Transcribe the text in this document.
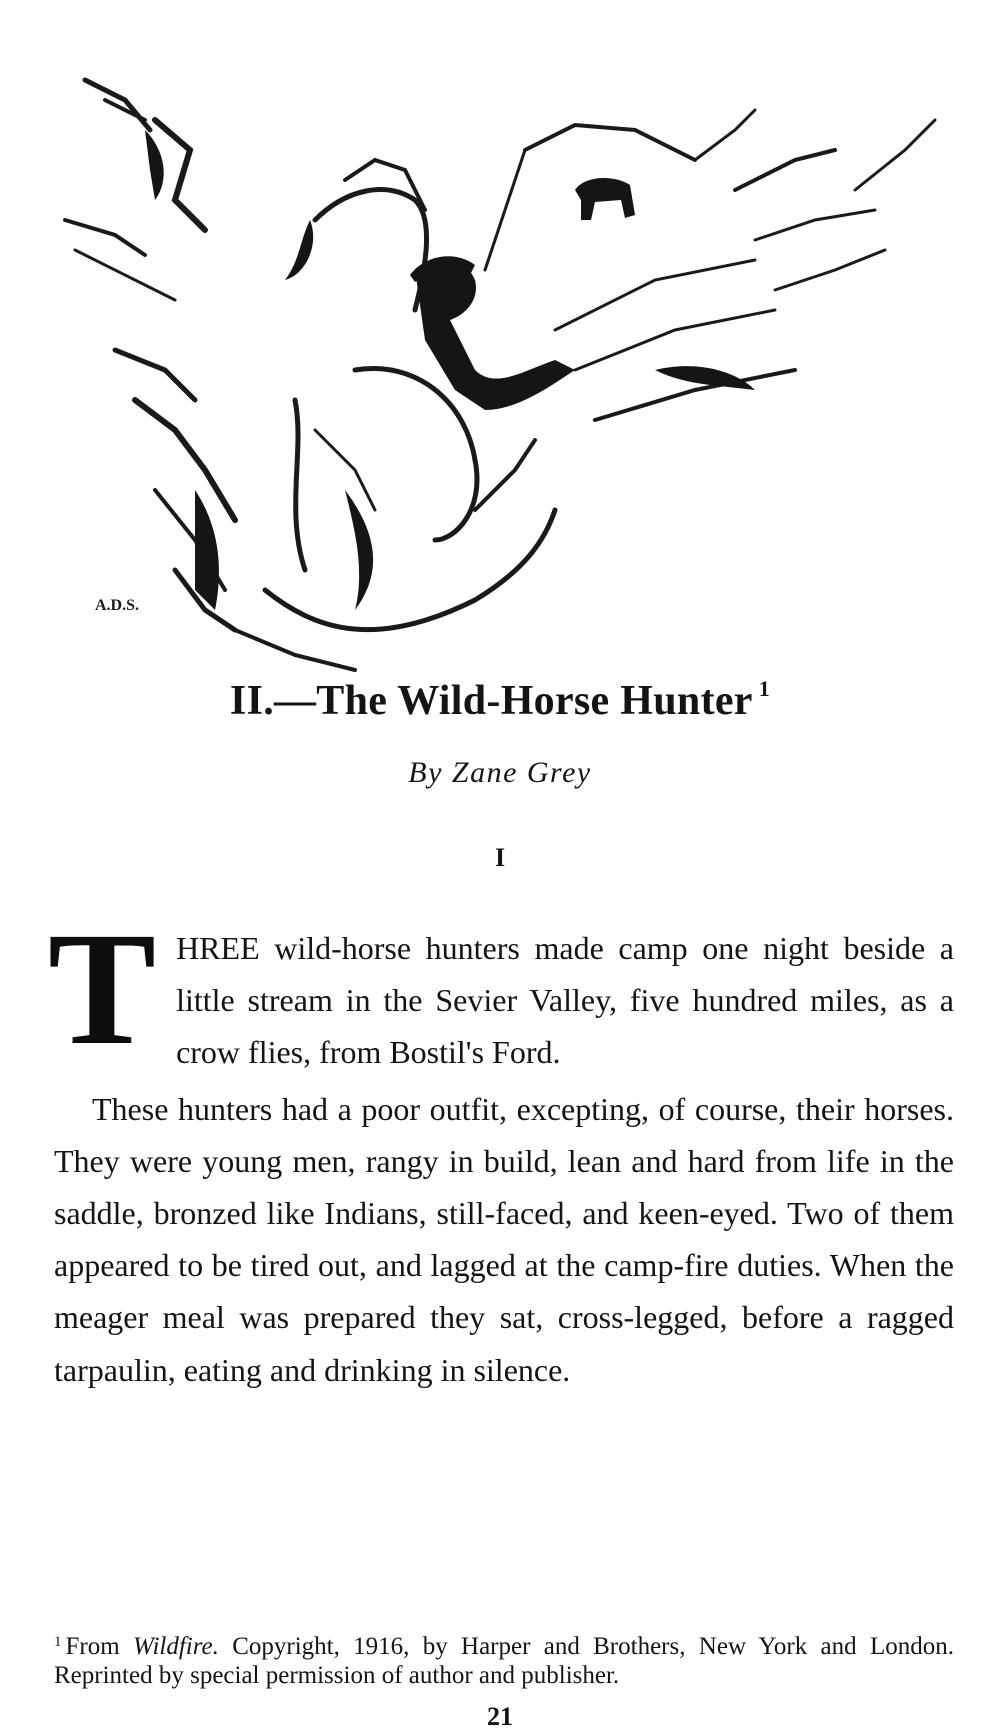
A.D.S.
II.—The Wild-Horse Hunter $^1$
By Zane Grey
I

THREE wild-horse hunters made camp one night beside a little stream in the Sevier Valley, five hundred miles, as a crow flies, from Bostil's Ford.

These hunters had a poor outfit, excepting, of course, their horses. They were young men, rangy in build, lean and hard from life in the saddle, bronzed like Indians, still-faced, and keen-eyed. Two of them appeared to be tired out, and lagged at the camp-fire duties. When the meager meal was prepared they sat, cross-legged, before a ragged tarpaulin, eating and drinking in silence.

$^1$ From Wildfire. Copyright, 1916, by Harper and Brothers, New York and London. Reprinted by special permission of author and publisher.
21
